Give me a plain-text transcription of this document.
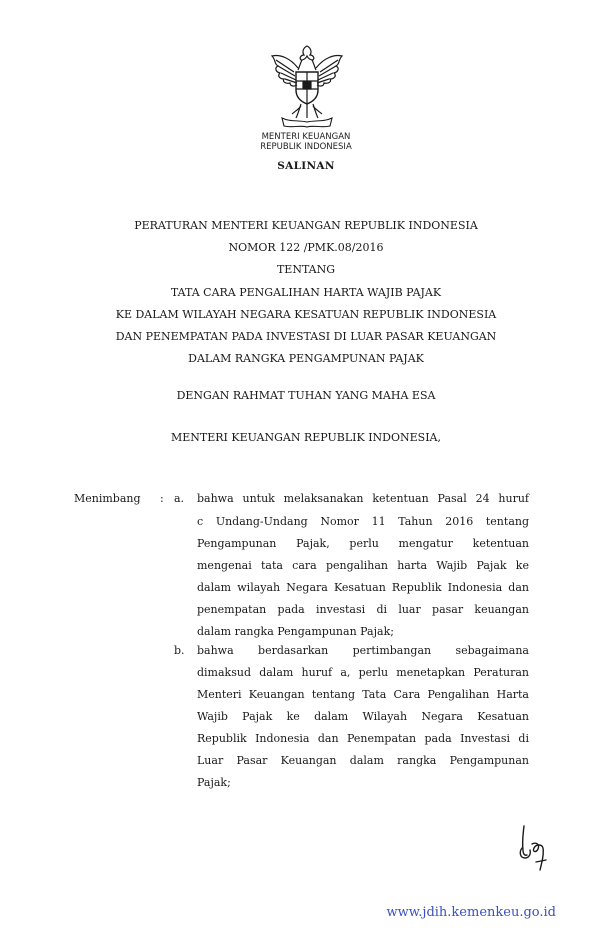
MENTERI KEUANGAN
REPUBLIK INDONESIA
SALINAN
PERATURAN MENTERI KEUANGAN REPUBLIK INDONESIA
NOMOR 122 /PMK.08/2016
TENTANG
TATA CARA PENGALIHAN HARTA WAJIB PAJAK
KE DALAM WILAYAH NEGARA KESATUAN REPUBLIK INDONESIA
DAN PENEMPATAN PADA INVESTASI DI LUAR PASAR KEUANGAN
DALAM RANGKA PENGAMPUNAN PAJAK
DENGAN RAHMAT TUHAN YANG MAHA ESA
MENTERI KEUANGAN REPUBLIK INDONESIA,
Menimbang : a. bahwa untuk melaksanakan ketentuan Pasal 24 huruf
c Undang-Undang Nomor 11 Tahun 2016 tentang
Pengampunan Pajak, perlu mengatur ketentuan
mengenai tata cara pengalihan harta Wajib Pajak ke
dalam wilayah Negara Kesatuan Republik Indonesia dan
penempatan pada investasi di luar pasar keuangan
dalam rangka Pengampunan Pajak;
b. bahwa berdasarkan pertimbangan sebagaimana
dimaksud dalam huruf a, perlu menetapkan Peraturan
Menteri Keuangan tentang Tata Cara Pengalihan Harta
Wajib Pajak ke dalam Wilayah Negara Kesatuan
Republik Indonesia dan Penempatan pada Investasi di
Luar Pasar Keuangan dalam rangka Pengampunan
Pajak;
www.jdih.kemenkeu.go.id
